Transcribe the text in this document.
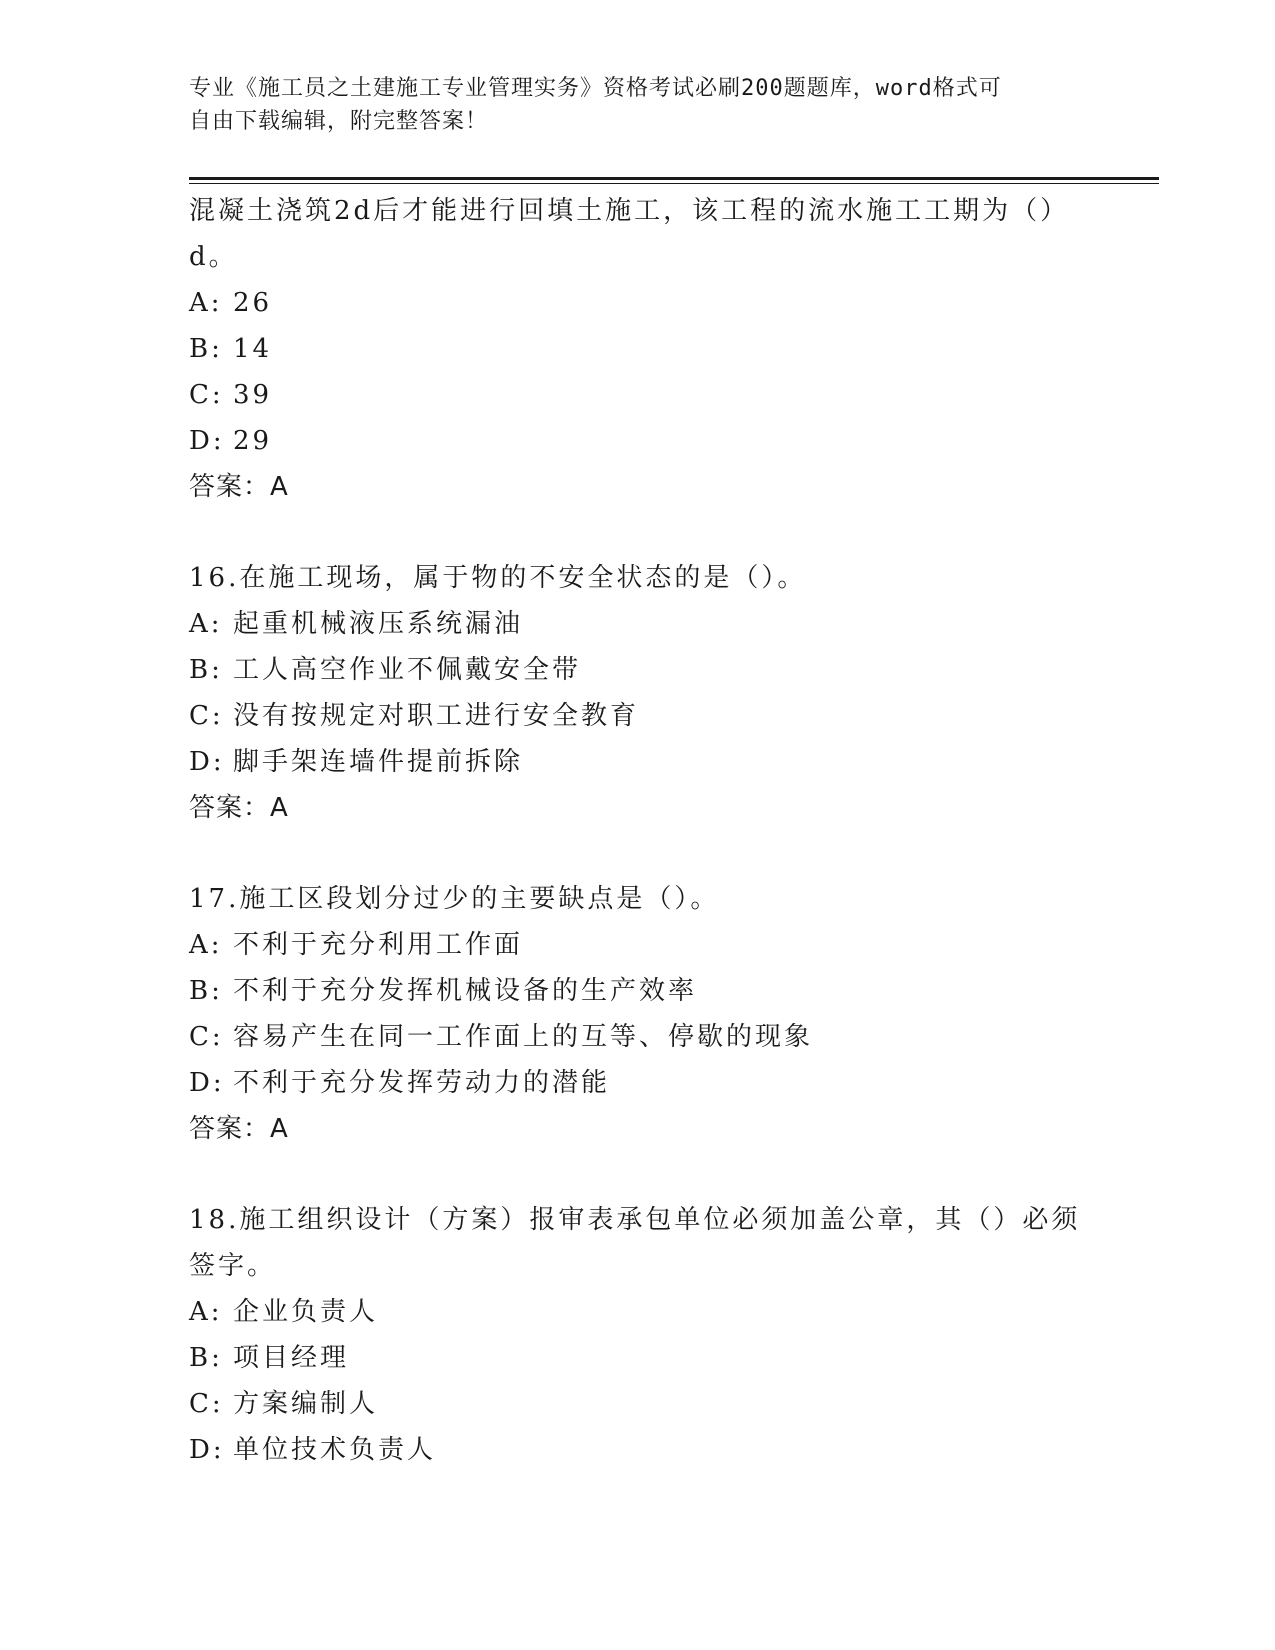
专业《施工员之土建施工专业管理实务》资格考试必刷200题题库，word格式可
自由下载编辑，附完整答案！
混凝土浇筑2d后才能进行回填土施工，该工程的流水施工工期为（）
d。
A: 26
B: 14
C: 39
D: 29
答案：A
16.在施工现场，属于物的不安全状态的是（）。
A: 起重机械液压系统漏油
B: 工人高空作业不佩戴安全带
C: 没有按规定对职工进行安全教育
D: 脚手架连墙件提前拆除
答案：A
17.施工区段划分过少的主要缺点是（）。
A: 不利于充分利用工作面
B: 不利于充分发挥机械设备的生产效率
C: 容易产生在同一工作面上的互等、停歇的现象
D: 不利于充分发挥劳动力的潜能
答案：A
18.施工组织设计（方案）报审表承包单位必须加盖公章，其（）必须
签字。
A: 企业负责人
B: 项目经理
C: 方案编制人
D: 单位技术负责人
